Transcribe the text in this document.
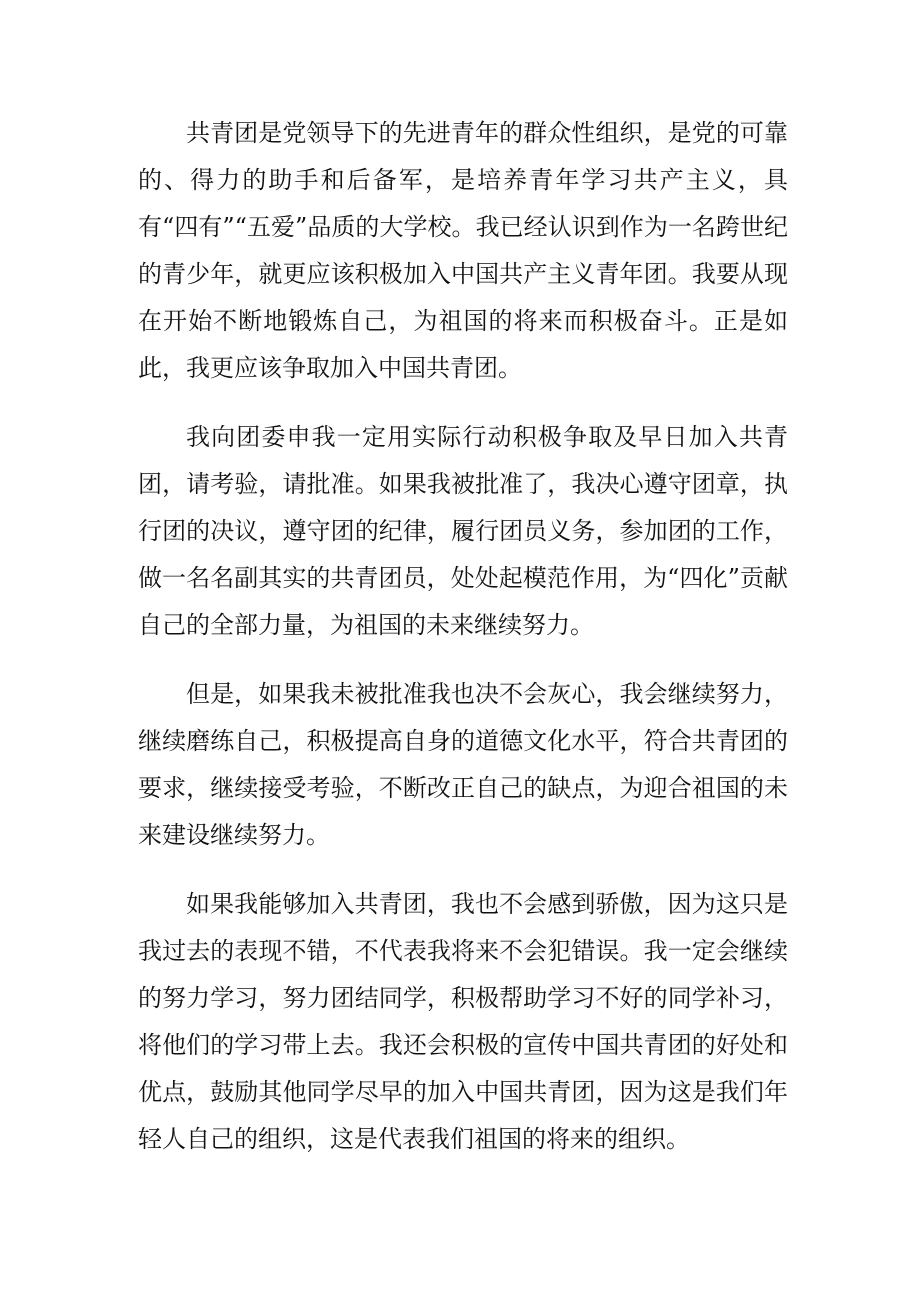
共青团是党领导下的先进青年的群众性组织，是党的可靠的、得力的助手和后备军，是培养青年学习共产主义，具有“四有”“五爱”品质的大学校。我已经认识到作为一名跨世纪的青少年，就更应该积极加入中国共产主义青年团。我要从现在开始不断地锻炼自己，为祖国的将来而积极奋斗。正是如此，我更应该争取加入中国共青团。

我向团委申我一定用实际行动积极争取及早日加入共青团，请考验，请批准。如果我被批准了，我决心遵守团章，执行团的决议，遵守团的纪律，履行团员义务，参加团的工作，做一名名副其实的共青团员，处处起模范作用，为“四化”贡献自己的全部力量，为祖国的未来继续努力。

但是，如果我未被批准我也决不会灰心，我会继续努力，继续磨练自己，积极提高自身的道德文化水平，符合共青团的要求，继续接受考验，不断改正自己的缺点，为迎合祖国的未来建设继续努力。

如果我能够加入共青团，我也不会感到骄傲，因为这只是我过去的表现不错，不代表我将来不会犯错误。我一定会继续的努力学习，努力团结同学，积极帮助学习不好的同学补习，将他们的学习带上去。我还会积极的宣传中国共青团的好处和优点，鼓励其他同学尽早的加入中国共青团，因为这是我们年轻人自己的组织，这是代表我们祖国的将来的组织。
